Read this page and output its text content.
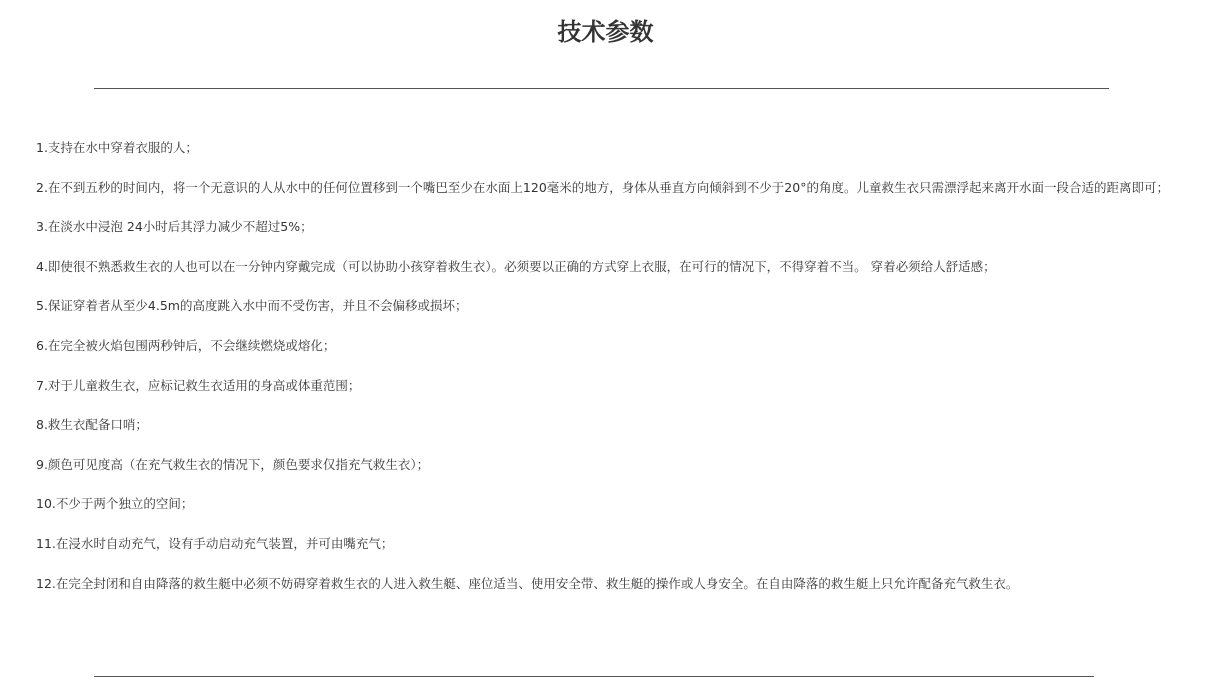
技术参数

1.支持在水中穿着衣服的人；

2.在不到五秒的时间内，将一个无意识的人从水中的任何位置移到一个嘴巴至少在水面上120毫米的地方，身体从垂直方向倾斜到不少于20°的角度。儿童救生衣只需漂浮起来离开水面一段合适的距离即可；

3.在淡水中浸泡 24小时后其浮力减少不超过5%；

4.即使很不熟悉救生衣的人也可以在一分钟内穿戴完成（可以协助小孩穿着救生衣）。必须要以正确的方式穿上衣服，在可行的情况下，不得穿着不当。 穿着必须给人舒适感；

5.保证穿着者从至少4.5m的高度跳入水中而不受伤害，并且不会偏移或损坏；

6.在完全被火焰包围两秒钟后，不会继续燃烧或熔化；

7.对于儿童救生衣，应标记救生衣适用的身高或体重范围；

8.救生衣配备口哨；

9.颜色可见度高（在充气救生衣的情况下，颜色要求仅指充气救生衣）；

10.不少于两个独立的空间；

11.在浸水时自动充气，设有手动启动充气装置，并可由嘴充气；

12.在完全封闭和自由降落的救生艇中必须不妨碍穿着救生衣的人进入救生艇、座位适当、使用安全带、救生艇的操作或人身安全。在自由降落的救生艇上只允许配备充气救生衣。
